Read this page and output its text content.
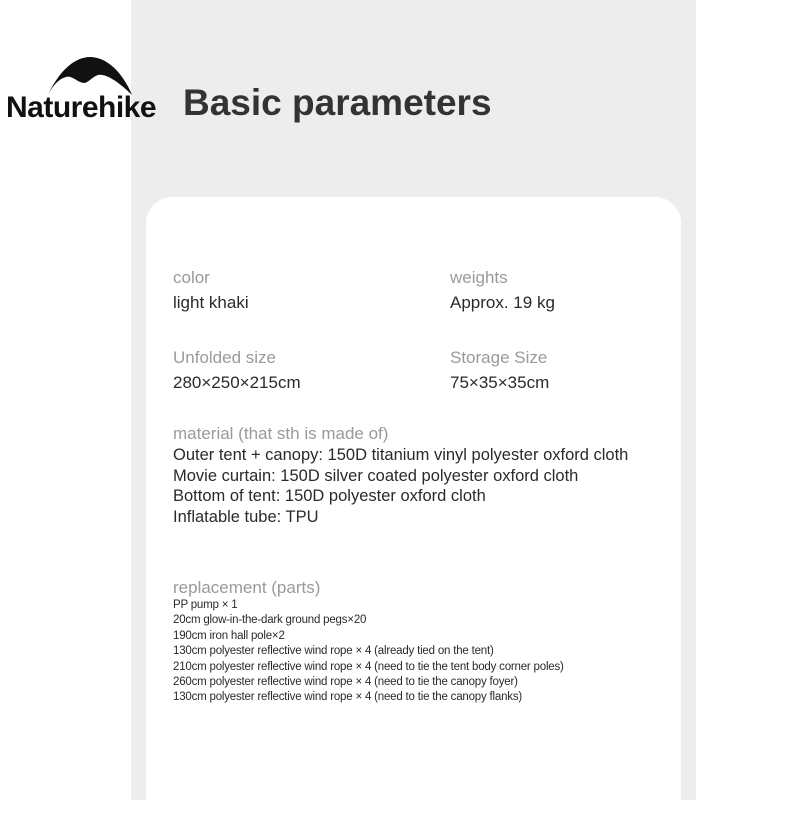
Naturehike Basic parameters
color
light khaki
weights
Approx. 19 kg
Unfolded size
280×250×215cm
Storage Size
75×35×35cm
material (that sth is made of)
Outer tent + canopy: 150D titanium vinyl polyester oxford cloth
Movie curtain: 150D silver coated polyester oxford cloth
Bottom of tent: 150D polyester oxford cloth
Inflatable tube: TPU
replacement (parts)
PP pump × 1
20cm glow-in-the-dark ground pegs×20
190cm iron hall pole×2
130cm polyester reflective wind rope × 4 (already tied on the tent)
210cm polyester reflective wind rope × 4 (need to tie the tent body corner poles)
260cm polyester reflective wind rope × 4 (need to tie the canopy foyer)
130cm polyester reflective wind rope × 4 (need to tie the canopy flanks)
